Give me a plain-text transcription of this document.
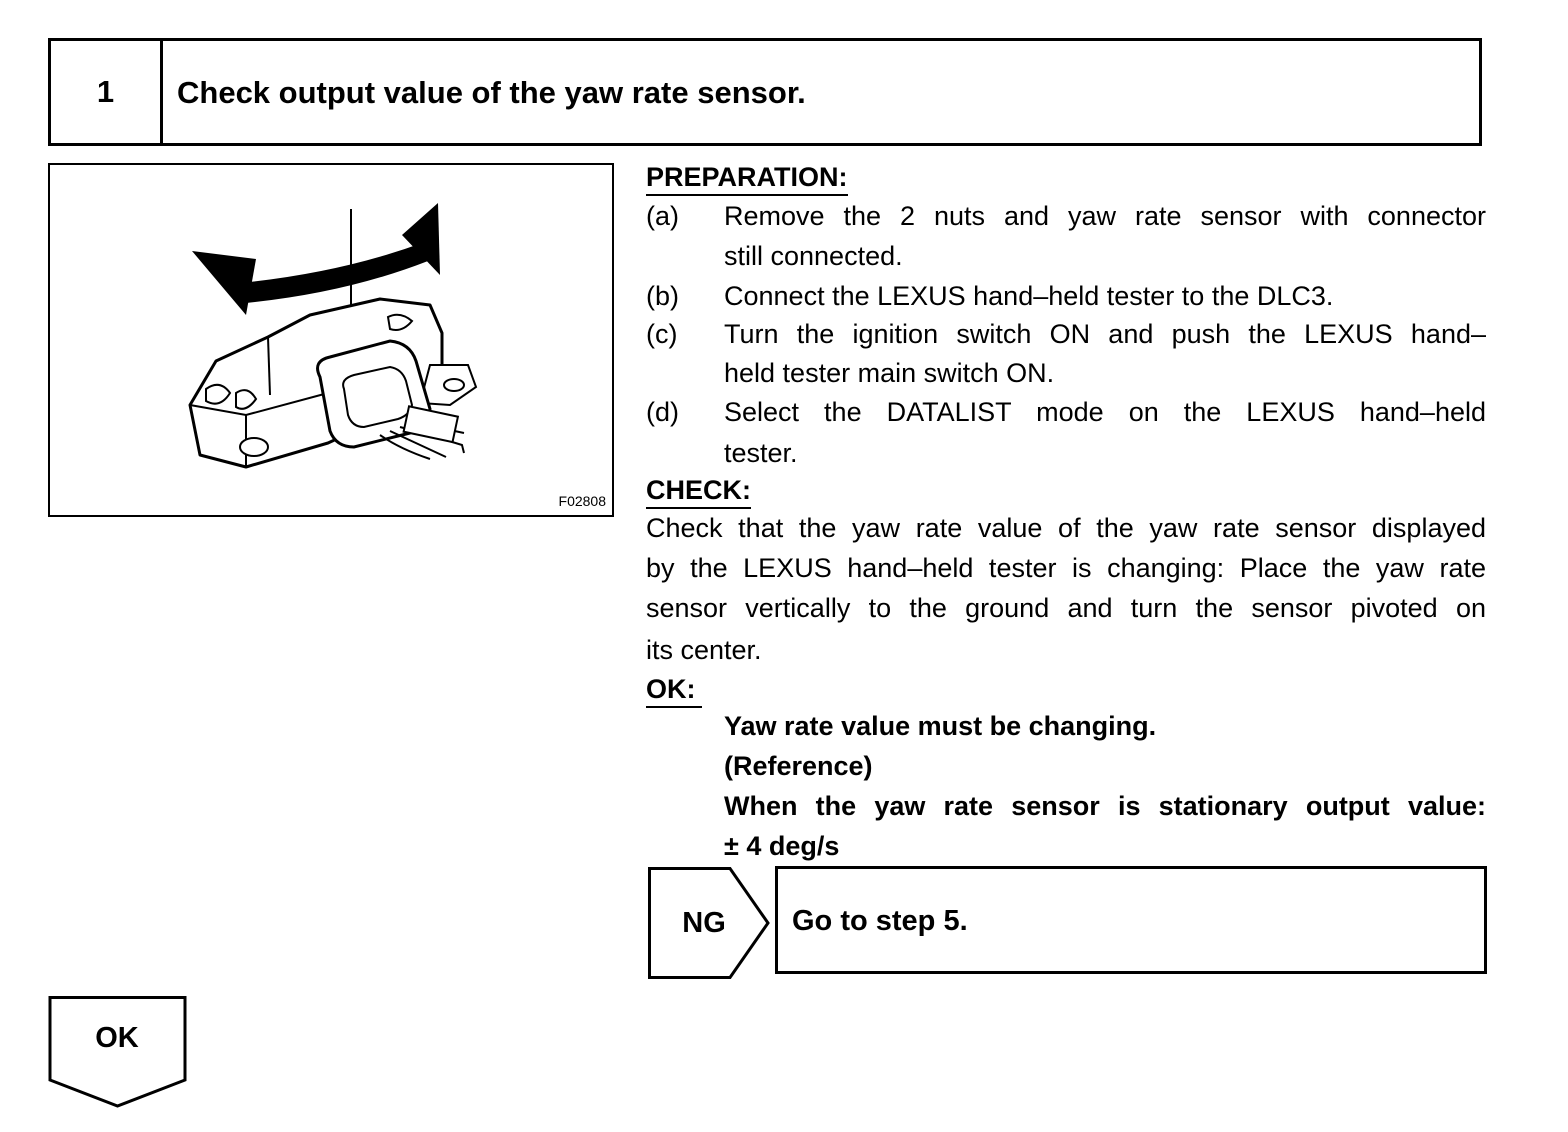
1	Check output value of the yaw rate sensor.
F02808
PREPARATION:
(a) Remove the 2 nuts and yaw rate sensor with connector
still connected.
(b) Connect the LEXUS hand–held tester to the DLC3.
(c) Turn the ignition switch ON and push the LEXUS hand–
held tester main switch ON.
(d) Select the DATALIST mode on the LEXUS hand–held
tester.
CHECK:
Check that the yaw rate value of the yaw rate sensor displayed
by the LEXUS hand–held tester is changing: Place the yaw rate
sensor vertically to the ground and turn the sensor pivoted on
its center.
OK:
Yaw rate value must be changing.
(Reference)
When the yaw rate sensor is stationary output value:
± 4 deg/s
NG	Go to step 5.
OK
